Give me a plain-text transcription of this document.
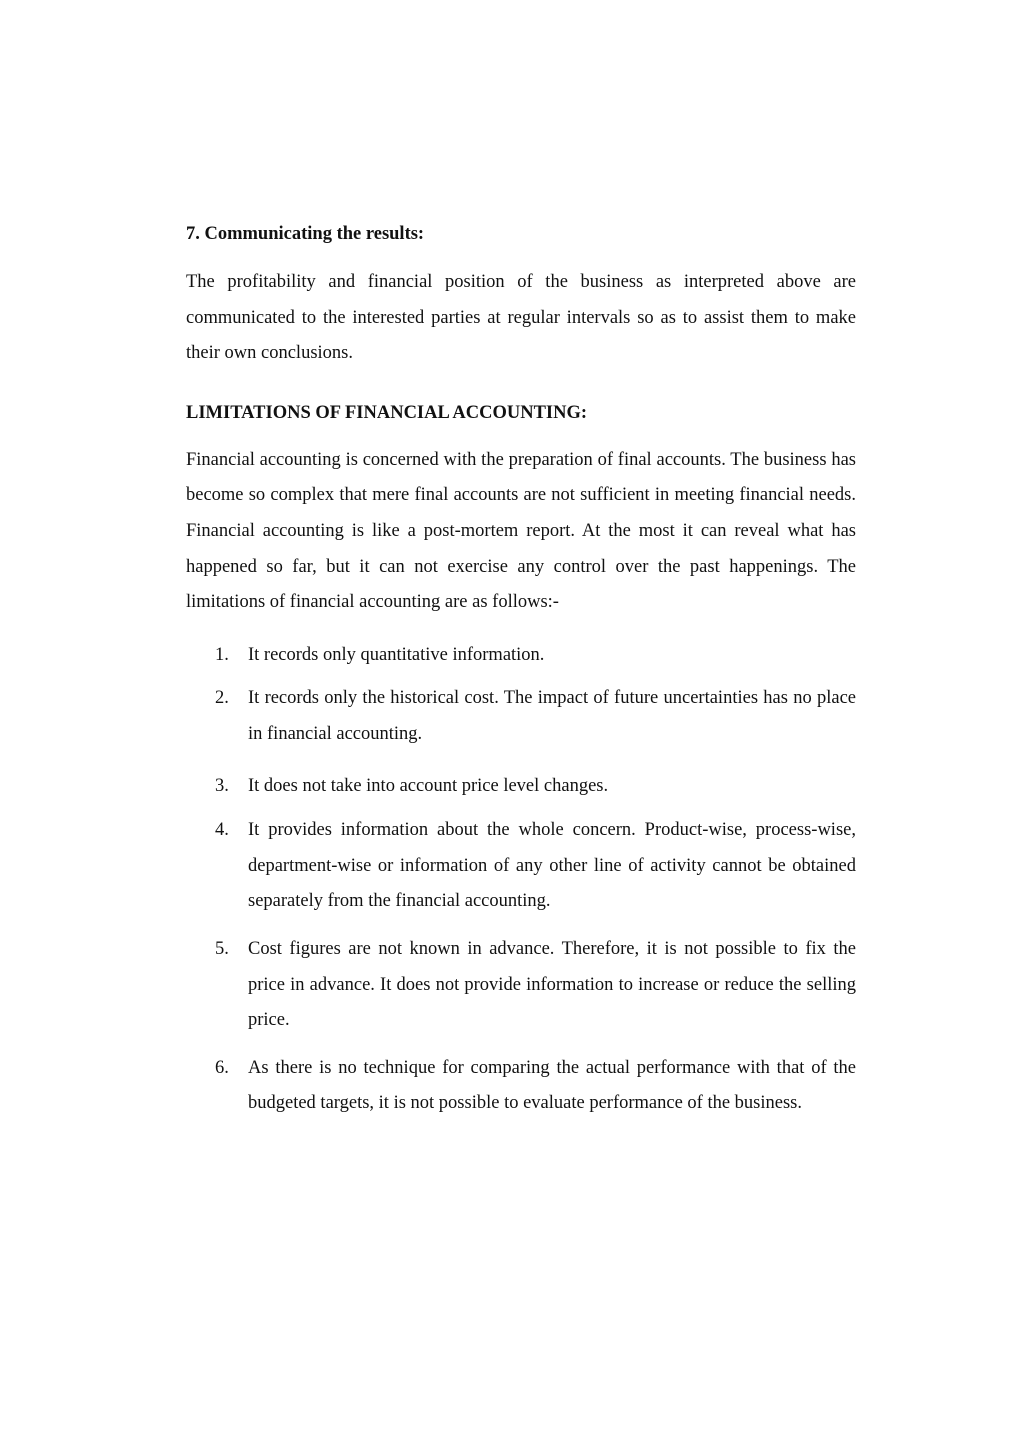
7. Communicating the results:

The profitability and financial position of the business as interpreted above are communicated to the interested parties at regular intervals so as to assist them to make their own conclusions.

LIMITATIONS OF FINANCIAL ACCOUNTING:

Financial accounting is concerned with the preparation of final accounts. The business has become so complex that mere final accounts are not sufficient in meeting financial needs. Financial accounting is like a post-mortem report. At the most it can reveal what has happened so far, but it can not exercise any control over the past happenings. The limitations of financial accounting are as follows:-

1. It records only quantitative information.
2. It records only the historical cost. The impact of future uncertainties has no place in financial accounting.
3. It does not take into account price level changes.
4. It provides information about the whole concern. Product-wise, process-wise, department-wise or information of any other line of activity cannot be obtained separately from the financial accounting.
5. Cost figures are not known in advance. Therefore, it is not possible to fix the price in advance. It does not provide information to increase or reduce the selling price.
6. As there is no technique for comparing the actual performance with that of the budgeted targets, it is not possible to evaluate performance of the business.
